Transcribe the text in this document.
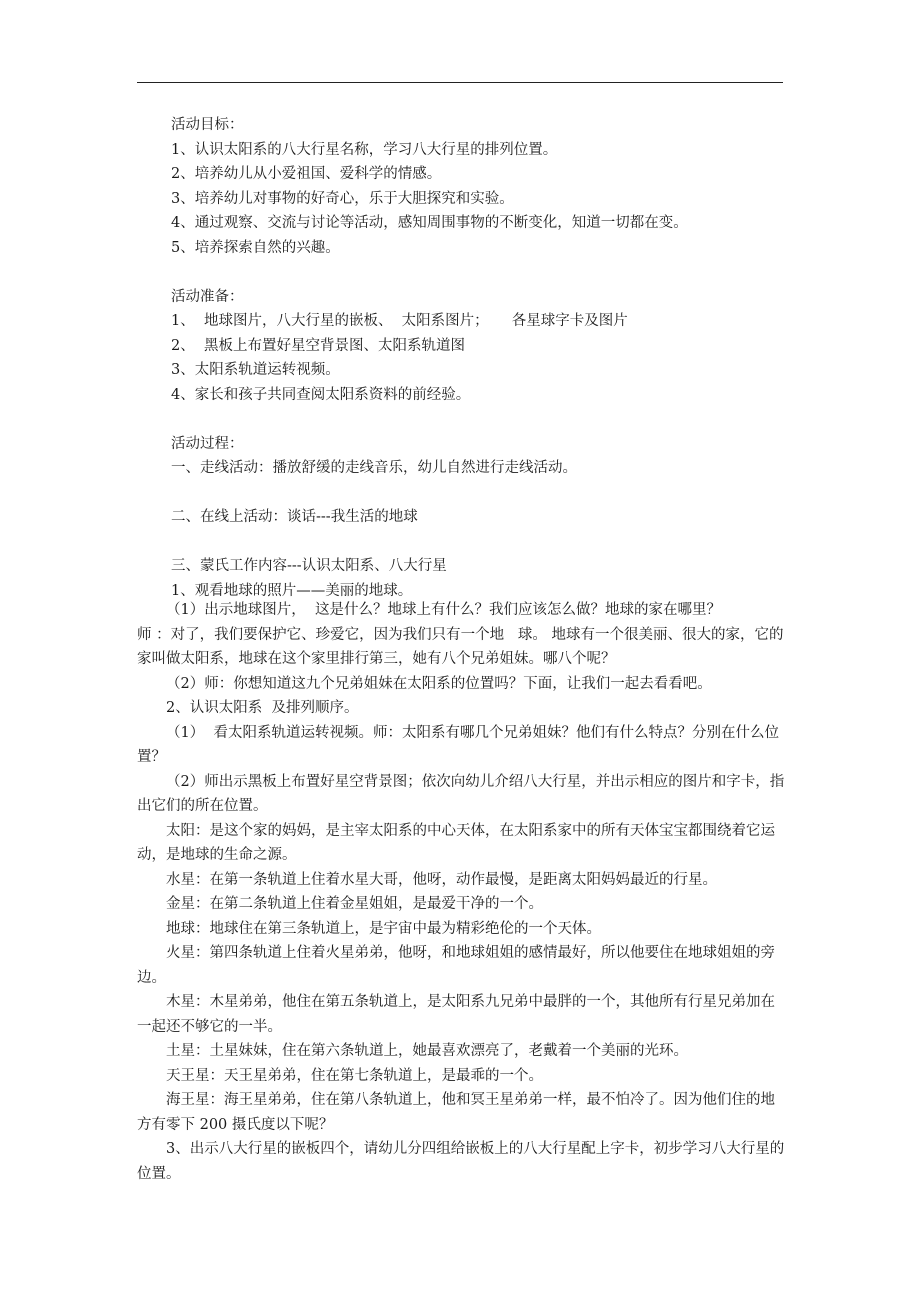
活动目标：

1、认识太阳系的八大行星名称，学习八大行星的排列位置。

2、培养幼儿从小爱祖国、爱科学的情感。

3、培养幼儿对事物的好奇心，乐于大胆探究和实验。

4、通过观察、交流与讨论等活动，感知周围事物的不断变化，知道一切都在变。

5、培养探索自然的兴趣。

活动准备：

1、  地球图片，八大行星的嵌板、  太阳系图片；     各星球字卡及图片

2、  黑板上布置好星空背景图、太阳系轨道图

3、太阳系轨道运转视频。

4、家长和孩子共同查阅太阳系资料的前经验。

活动过程：

一、走线活动：播放舒缓的走线音乐，幼儿自然进行走线活动。

二、在线上活动：谈话---我生活的地球

三、蒙氏工作内容---认识太阳系、八大行星

1、观看地球的照片——美丽的地球。

（1）出示地球图片，  这是什么？地球上有什么？我们应该怎么做？地球的家在哪里？

师 ：对了，我们要保护它、珍爱它，因为我们只有一个地   球。 地球有一个很美丽、很大的家，它的家叫做太阳系，地球在这个家里排行第三，她有八个兄弟姐妹。哪八个呢？

（2）师：你想知道这九个兄弟姐妹在太阳系的位置吗？下面，让我们一起去看看吧。

2、认识太阳系  及排列顺序。

（1）  看太阳系轨道运转视频。师：太阳系有哪几个兄弟姐妹？他们有什么特点？分别在什么位置？

（2）师出示黑板上布置好星空背景图；依次向幼儿介绍八大行星，并出示相应的图片和字卡，指出它们的所在位置。

太阳：是这个家的妈妈，是主宰太阳系的中心天体，在太阳系家中的所有天体宝宝都围绕着它运动，是地球的生命之源。

水星：在第一条轨道上住着水星大哥，他呀，动作最慢，是距离太阳妈妈最近的行星。

金星：在第二条轨道上住着金星姐姐，是最爱干净的一个。

地球：地球住在第三条轨道上，是宇宙中最为精彩绝伦的一个天体。

火星：第四条轨道上住着火星弟弟，他呀，和地球姐姐的感情最好，所以他要住在地球姐姐的旁边。

木星：木星弟弟，他住在第五条轨道上，是太阳系九兄弟中最胖的一个，其他所有行星兄弟加在一起还不够它的一半。

土星：土星妹妹，住在第六条轨道上，她最喜欢漂亮了，老戴着一个美丽的光环。

天王星：天王星弟弟，住在第七条轨道上，是最乖的一个。

海王星：海王星弟弟，住在第八条轨道上，他和冥王星弟弟一样，最不怕冷了。因为他们住的地方有零下 200 摄氏度以下呢？

3、出示八大行星的嵌板四个，请幼儿分四组给嵌板上的八大行星配上字卡，初步学习八大行星的位置。
